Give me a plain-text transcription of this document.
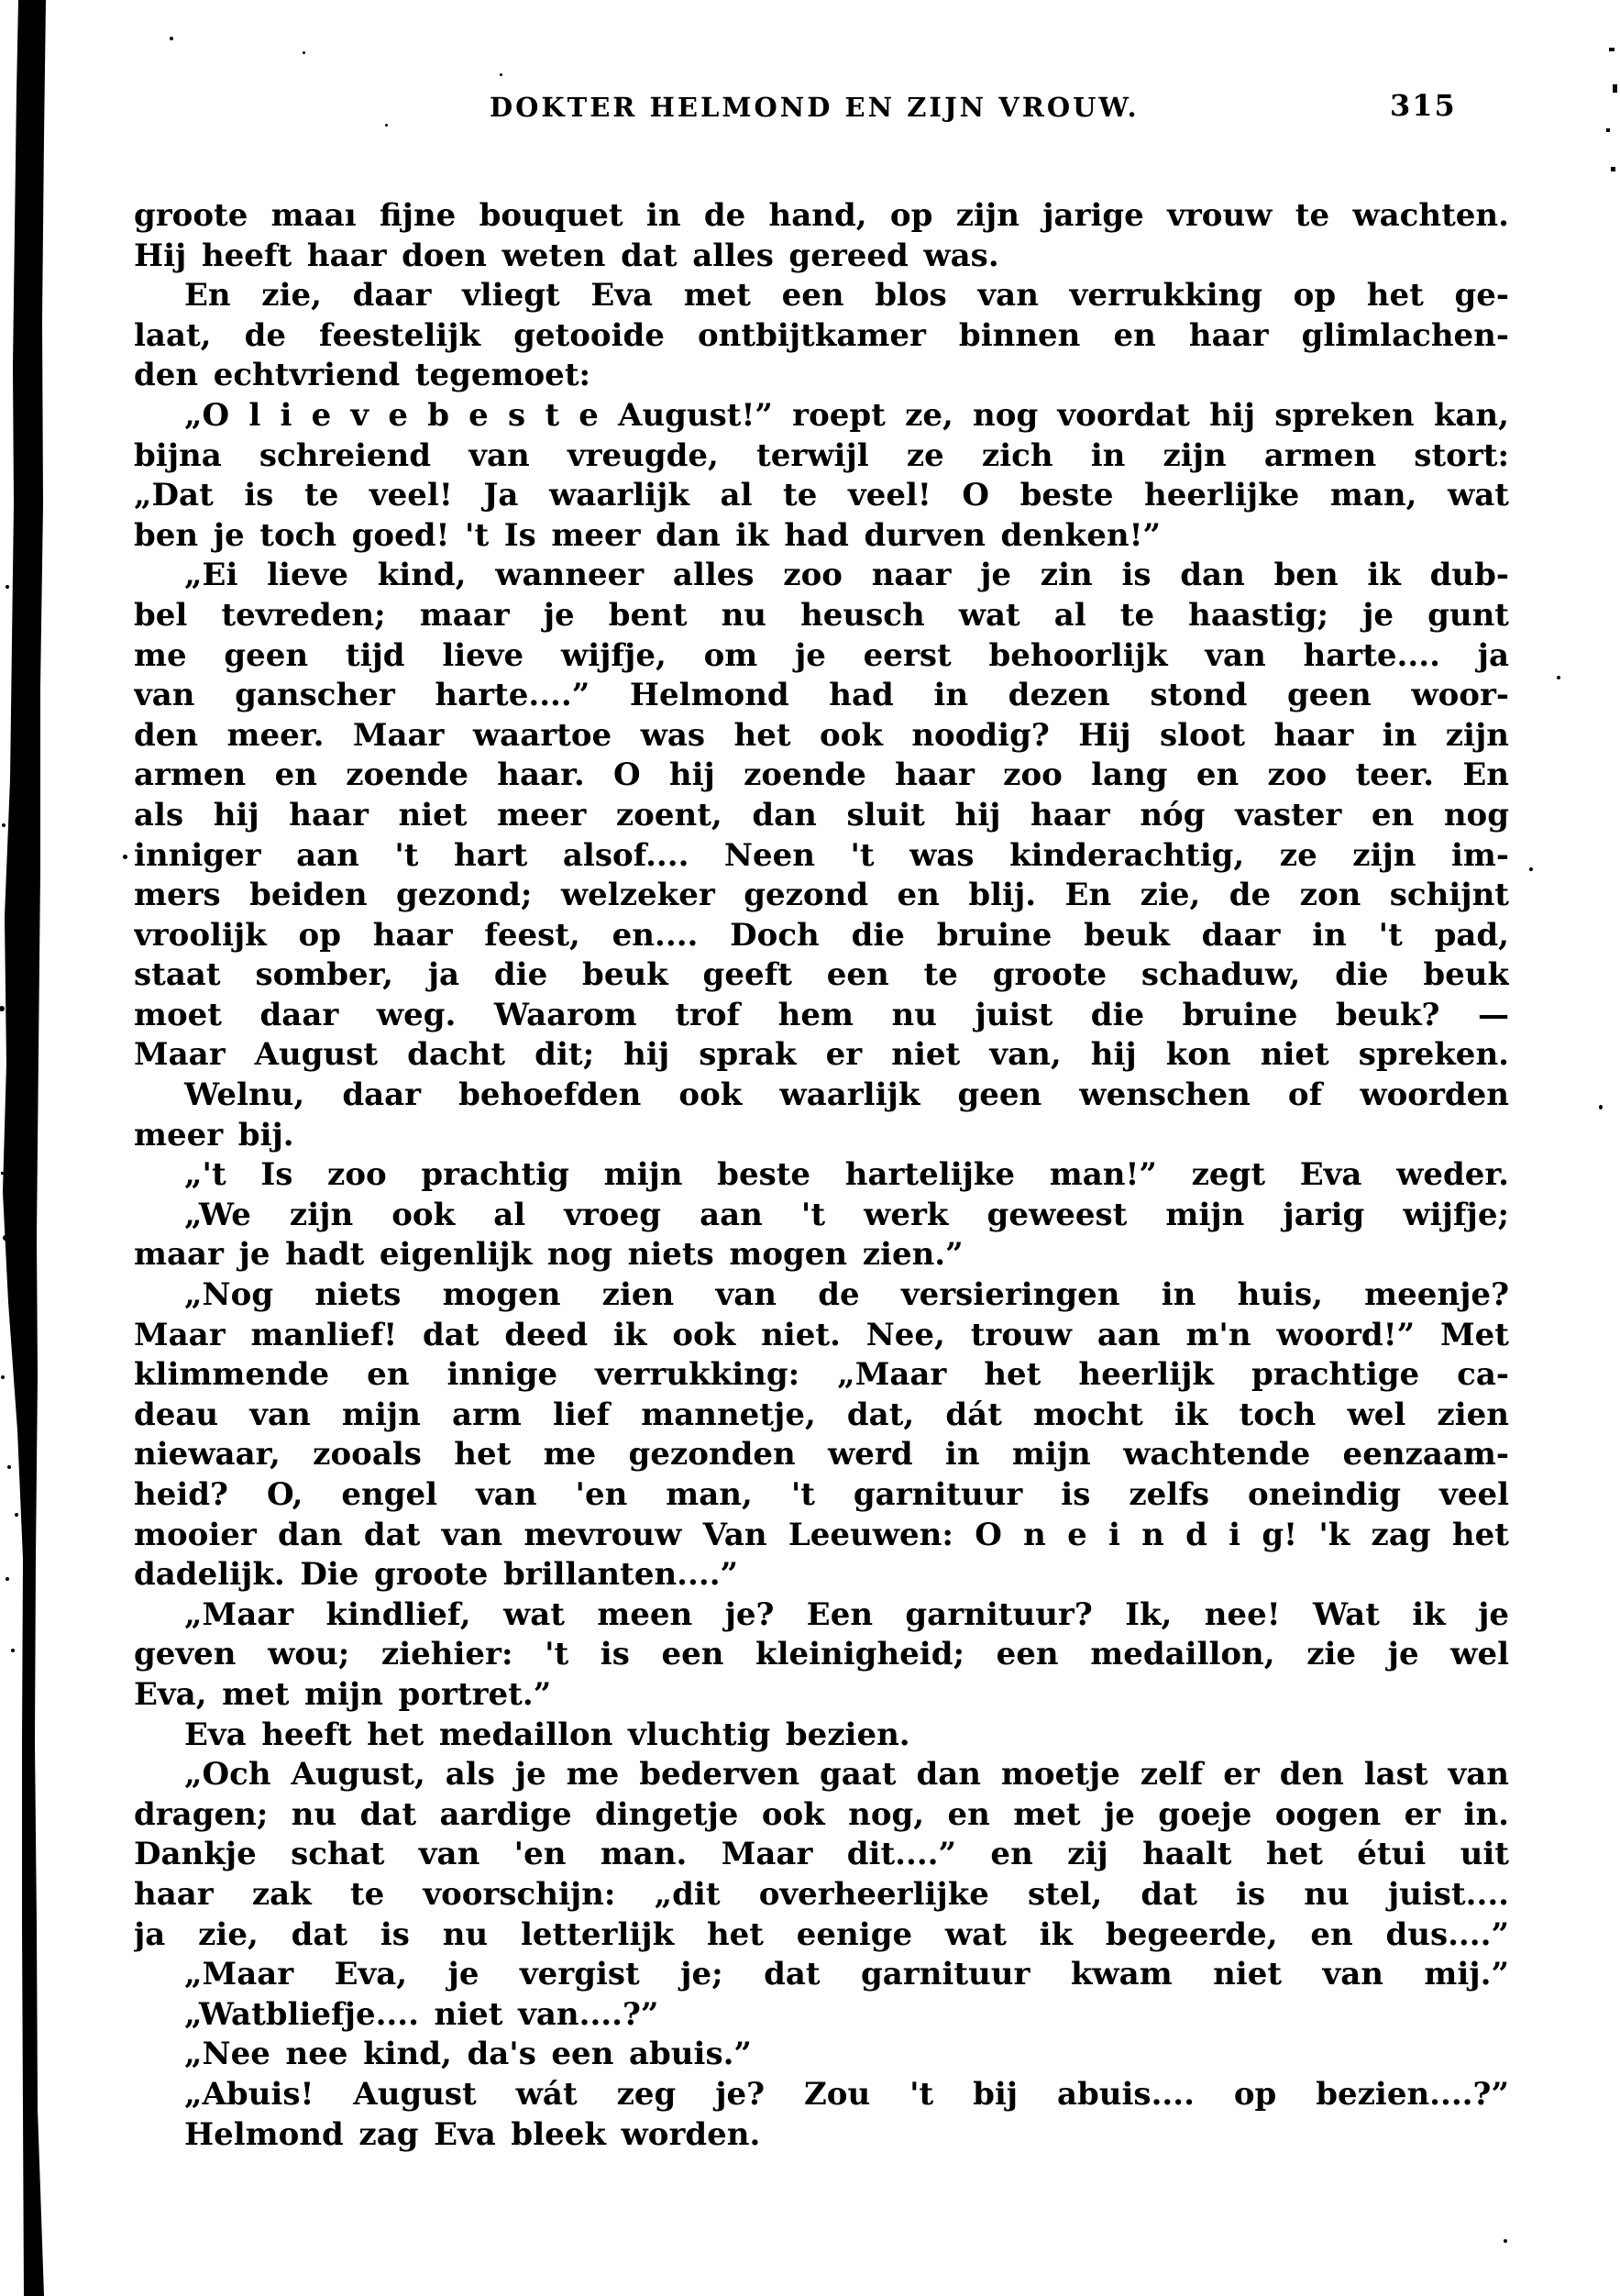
DOKTER HELMOND EN ZIJN VROUW.	315
groote maaı fijne bouquet in de hand, op zijn jarige vrouw te wachten.
Hij heeft haar doen weten dat alles gereed was.
En zie, daar vliegt Eva met een blos van verrukking op het ge-
laat, de feestelijk getooide ontbijtkamer binnen en haar glimlachen-
den echtvriend tegemoet:
„O l i e v e b e s t e August!” roept ze, nog voordat hij spreken kan,
bijna schreiend van vreugde, terwijl ze zich in zijn armen stort:
„Dat is te veel! Ja waarlijk al te veel! O beste heerlijke man, wat
ben je toch goed! 't Is meer dan ik had durven denken!”
„Ei lieve kind, wanneer alles zoo naar je zin is dan ben ik dub-
bel tevreden; maar je bent nu heusch wat al te haastig; je gunt
me geen tijd lieve wijfje, om je eerst behoorlijk van harte.... ja
van ganscher harte....” Helmond had in dezen stond geen woor-
den meer. Maar waartoe was het ook noodig? Hij sloot haar in zijn
armen en zoende haar. O hij zoende haar zoo lang en zoo teer. En
als hij haar niet meer zoent, dan sluit hij haar nóg vaster en nog
inniger aan 't hart alsof.... Neen 't was kinderachtig, ze zijn im-
mers beiden gezond; welzeker gezond en blij. En zie, de zon schijnt
vroolijk op haar feest, en.... Doch die bruine beuk daar in 't pad,
staat somber, ja die beuk geeft een te groote schaduw, die beuk
moet daar weg. Waarom trof hem nu juist die bruine beuk? —
Maar August dacht dit; hij sprak er niet van, hij kon niet spreken.
Welnu, daar behoefden ook waarlijk geen wenschen of woorden
meer bij.
„'t Is zoo prachtig mijn beste hartelijke man!” zegt Eva weder.
„We zijn ook al vroeg aan 't werk geweest mijn jarig wijfje;
maar je hadt eigenlijk nog niets mogen zien.”
„Nog niets mogen zien van de versieringen in huis, meenje?
Maar manlief! dat deed ik ook niet. Nee, trouw aan m'n woord!” Met
klimmende en innige verrukking: „Maar het heerlijk prachtige ca-
deau van mijn arm lief mannetje, dat, dát mocht ik toch wel zien
niewaar, zooals het me gezonden werd in mijn wachtende eenzaam-
heid? O, engel van 'en man, 't garnituur is zelfs oneindig veel
mooier dan dat van mevrouw Van Leeuwen: O n e i n d i g! 'k zag het
dadelijk. Die groote brillanten....”
„Maar kindlief, wat meen je? Een garnituur? Ik, nee! Wat ik je
geven wou; ziehier: 't is een kleinigheid; een medaillon, zie je wel
Eva, met mijn portret.”
Eva heeft het medaillon vluchtig bezien.
„Och August, als je me bederven gaat dan moetje zelf er den last van
dragen; nu dat aardige dingetje ook nog, en met je goeje oogen er in.
Dankje schat van 'en man. Maar dit....” en zij haalt het étui uit
haar zak te voorschijn: „dit overheerlijke stel, dat is nu juist....
ja zie, dat is nu letterlijk het eenige wat ik begeerde, en dus....”
„Maar Eva, je vergist je; dat garnituur kwam niet van mij.”
„Watbliefje.... niet van....?”
„Nee nee kind, da's een abuis.”
„Abuis! August wát zeg je? Zou 't bij abuis.... op bezien....?”
Helmond zag Eva bleek worden.
